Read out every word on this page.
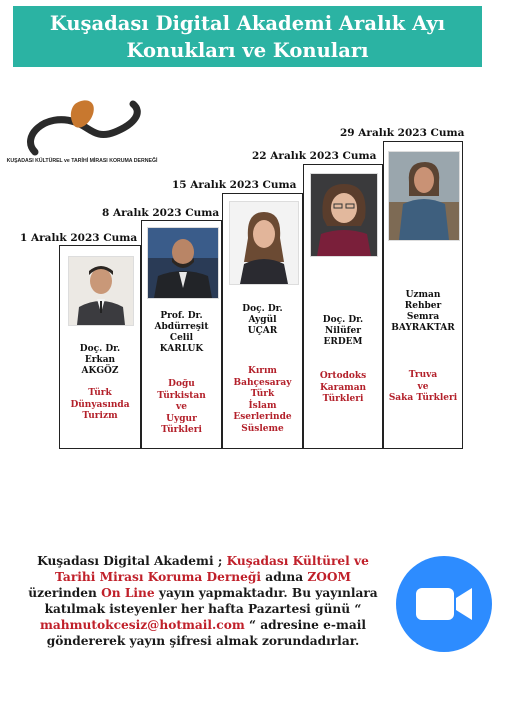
Kuşadası Digital Akademi Aralık Ayı
Konukları ve Konuları
KUŞADASI KÜLTÜREL ve TARİHİ MİRASI KORUMA DERNEĞİ
1 Aralık 2023 Cuma
8 Aralık 2023 Cuma
15 Aralık 2023 Cuma
22 Aralık 2023 Cuma
29 Aralık 2023 Cuma
Doç. Dr.
Erkan
AKGÖZ
Türk
Dünyasında
Turizm
Prof. Dr.
Abdürreşit
Celil
KARLUK
Doğu
Türkistan
ve
Uygur
Türkleri
Doç. Dr.
Aygül
UÇAR
Kırım
Bahçesaray
Türk
İslam
Eserlerinde
Süsleme
Doç. Dr.
Nilüfer
ERDEM
Ortodoks
Karaman
Türkleri
Uzman
Rehber
Semra
BAYRAKTAR
Truva
ve
Saka Türkleri
Kuşadası Digital Akademi ; Kuşadası Kültürel ve Tarihi Mirası Koruma Derneği adına ZOOM üzerinden On Line yayın yapmaktadır. Bu yayınlara katılmak isteyenler her hafta Pazartesi günü “ mahmutokcesiz@hotmail.com “ adresine e-mail göndererek yayın şifresi almak zorundadırlar.
